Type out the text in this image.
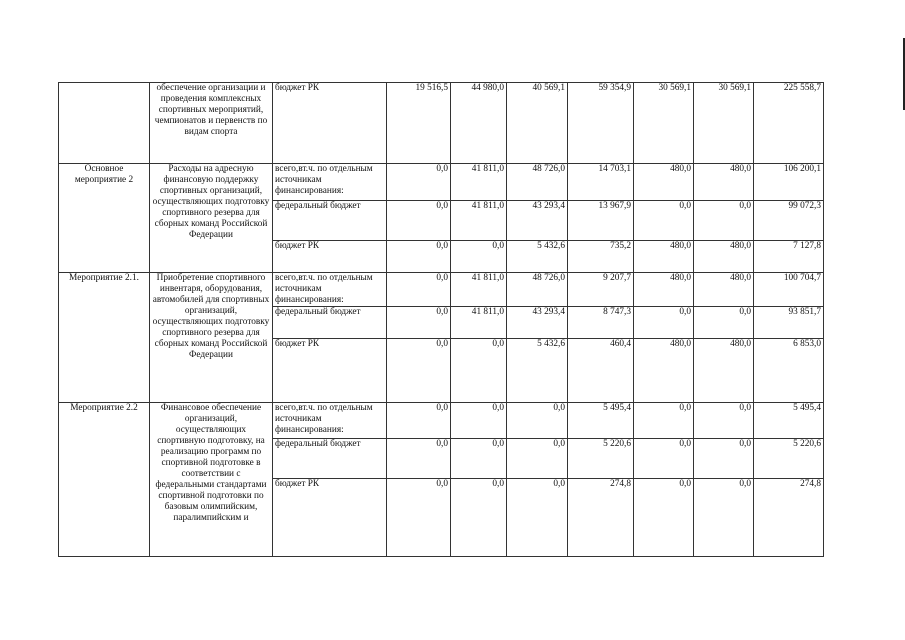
	обеспечение организации и проведения комплексных спортивных мероприятий, чемпионатов и первенств по видам спорта	бюджет РК	19 516,5	44 980,0	40 569,1	59 354,9	30 569,1	30 569,1	225 558,7
Основное мероприятие 2	Расходы на адресную финансовую поддержку спортивных организаций, осуществляющих подготовку спортивного резерва для сборных команд Российской Федерации	всего,вт.ч. по отдельным источникам финансирования:	0,0	41 811,0	48 726,0	14 703,1	480,0	480,0	106 200,1
		федеральный бюджет	0,0	41 811,0	43 293,4	13 967,9	0,0	0,0	99 072,3
		бюджет РК	0,0	0,0	5 432,6	735,2	480,0	480,0	7 127,8
Мероприятие 2.1.	Приобретение спортивного инвентаря, оборудования, автомобилей для спортивных организаций, осуществляющих подготовку спортивного резерва для сборных команд Российской Федерации	всего,вт.ч. по отдельным источникам финансирования:	0,0	41 811,0	48 726,0	9 207,7	480,0	480,0	100 704,7
		федеральный бюджет	0,0	41 811,0	43 293,4	8 747,3	0,0	0,0	93 851,7
		бюджет РК	0,0	0,0	5 432,6	460,4	480,0	480,0	6 853,0
Мероприятие 2.2	Финансовое обеспечение организаций, осуществляющих спортивную подготовку, на реализацию программ по спортивной подготовке в соответствии с федеральными стандартами спортивной подготовки по базовым олимпийским, паралимпийским и	всего,вт.ч. по отдельным источникам финансирования:	0,0	0,0	0,0	5 495,4	0,0	0,0	5 495,4
		федеральный бюджет	0,0	0,0	0,0	5 220,6	0,0	0,0	5 220,6
		бюджет РК	0,0	0,0	0,0	274,8	0,0	0,0	274,8
